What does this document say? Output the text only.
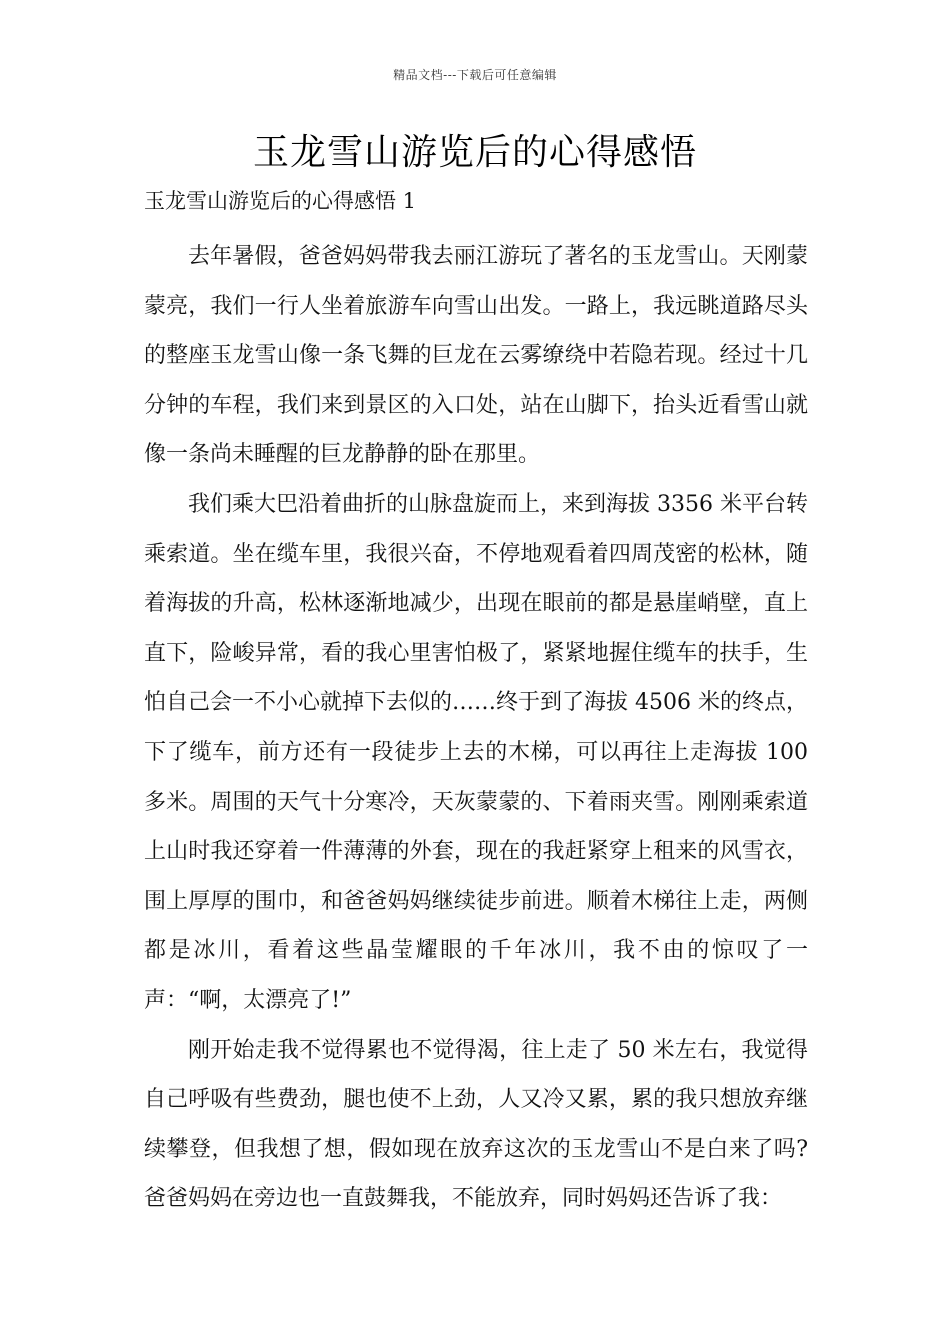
精品文档---下载后可任意编辑
玉龙雪山游览后的心得感悟
玉龙雪山游览后的心得感悟 1

去年暑假，爸爸妈妈带我去丽江游玩了著名的玉龙雪山。天刚蒙蒙亮，我们一行人坐着旅游车向雪山出发。一路上，我远眺道路尽头的整座玉龙雪山像一条飞舞的巨龙在云雾缭绕中若隐若现。经过十几分钟的车程，我们来到景区的入口处，站在山脚下，抬头近看雪山就像一条尚未睡醒的巨龙静静的卧在那里。

我们乘大巴沿着曲折的山脉盘旋而上，来到海拔 3356 米平台转乘索道。坐在缆车里，我很兴奋，不停地观看着四周茂密的松林，随着海拔的升高，松林逐渐地减少，出现在眼前的都是悬崖峭壁，直上直下，险峻异常，看的我心里害怕极了，紧紧地握住缆车的扶手，生怕自己会一不小心就掉下去似的……终于到了海拔 4506 米的终点，下了缆车，前方还有一段徒步上去的木梯，可以再往上走海拔 100 多米。周围的天气十分寒冷，天灰蒙蒙的、下着雨夹雪。刚刚乘索道上山时我还穿着一件薄薄的外套，现在的我赶紧穿上租来的风雪衣，围上厚厚的围巾，和爸爸妈妈继续徒步前进。顺着木梯往上走，两侧都是冰川，看着这些晶莹耀眼的千年冰川，我不由的惊叹了一声：“啊，太漂亮了!”

刚开始走我不觉得累也不觉得渴，往上走了 50 米左右，我觉得自己呼吸有些费劲，腿也使不上劲，人又冷又累，累的我只想放弃继续攀登，但我想了想，假如现在放弃这次的玉龙雪山不是白来了吗?爸爸妈妈在旁边也一直鼓舞我，不能放弃，同时妈妈还告诉了我：
